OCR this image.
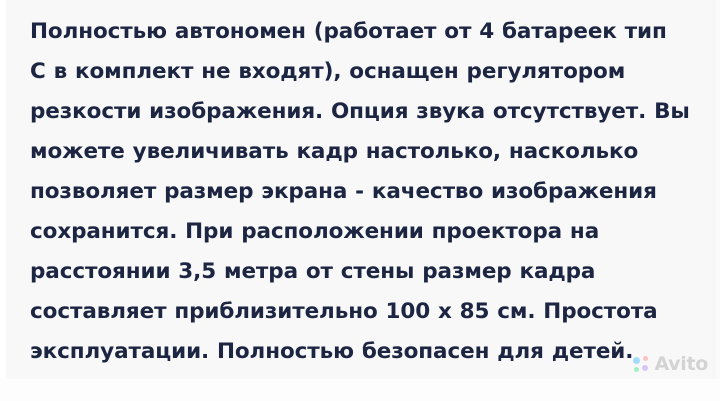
Полностью автономен (работает от 4 батареек тип С в комплект не входят), оснащен регулятором резкости изображения. Опция звука отсутствует. Вы можете увеличивать кадр настолько, насколько позволяет размер экрана - качество изображения сохранится. При расположении проектора на расстоянии 3,5 метра от стены размер кадра составляет приблизительно 100 х 85 см. Простота эксплуатации. Полностью безопасен для детей.	Avito
